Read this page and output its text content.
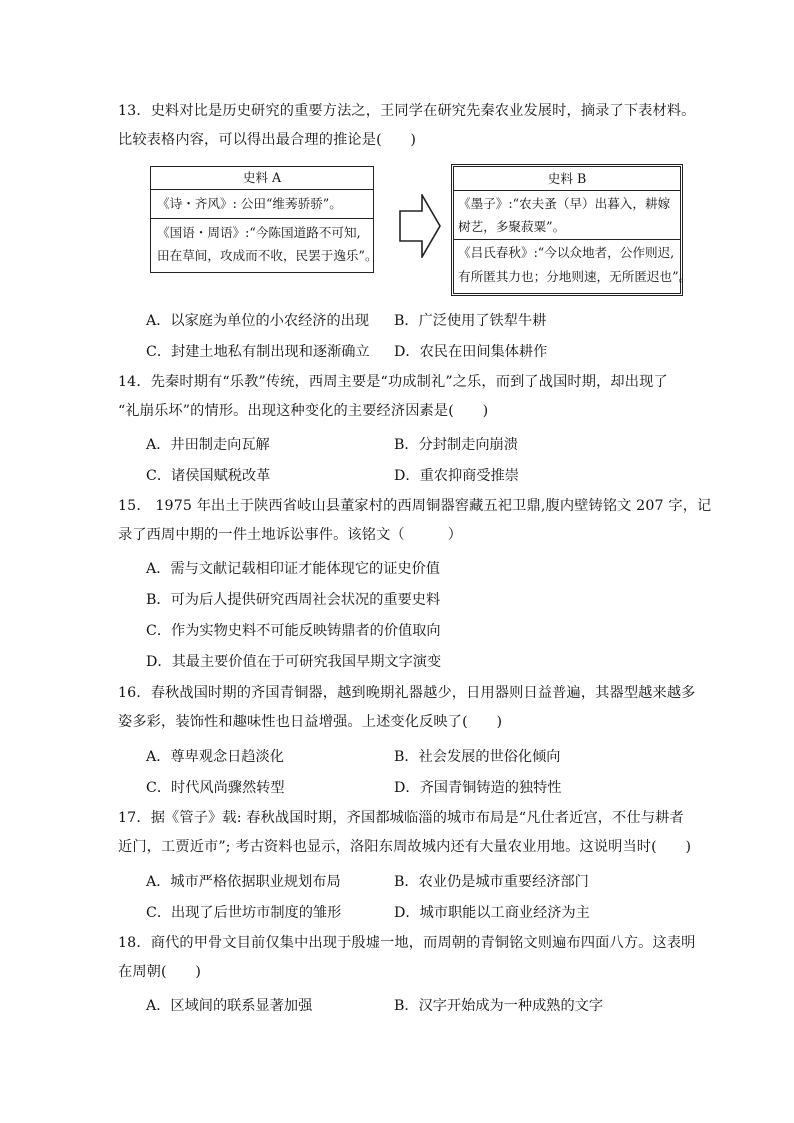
13．史料对比是历史研究的重要方法之，王同学在研究先秦农业发展时，摘录了下表材料。
比较表格内容，可以得出最合理的推论是(　　)
史料 A
《诗・齐风》: 公田“维莠骄骄”。
《国语・周语》:“今陈国道路不可知,
田在草间，攻成而不收，民罢于逸乐”。
史料 B
《墨子》:“农夫蚤（早）出暮入，耕嫁
树艺，多聚菽粟”。
《吕氏春秋》:“今以众地者，公作则迟,
有所匿其力也；分地则速，无所匿迟也”。
A．以家庭为单位的小农经济的出现 B．广泛使用了铁犁牛耕
C．封建土地私有制出现和逐渐确立 D．农民在田间集体耕作
14．先秦时期有“乐教”传统，西周主要是“功成制礼”之乐，而到了战国时期，却出现了
“礼崩乐坏”的情形。出现这种变化的主要经济因素是(　　)
A．井田制走向瓦解	B．分封制走向崩溃
C．诸侯国赋税改革	D．重农抑商受推崇
15． 1975 年出土于陕西省岐山县董家村的西周铜器窖藏五祀卫鼎,腹内壁铸铭文 207 字，记
录了西周中期的一件土地诉讼事件。该铭文（　　　）
A．需与文献记载相印证才能体现它的证史价值
B．可为后人提供研究西周社会状况的重要史料
C．作为实物史料不可能反映铸鼎者的价值取向
D．其最主要价值在于可研究我国早期文字演变
16．春秋战国时期的齐国青铜器，越到晚期礼器越少，日用器则日益普遍，其器型越来越多
姿多彩，装饰性和趣味性也日益增强。上述变化反映了(　　)
A．尊卑观念日趋淡化	B．社会发展的世俗化倾向
C．时代风尚骤然转型	D．齐国青铜铸造的独特性
17．据《管子》载: 春秋战国时期，齐国都城临淄的城市布局是“凡仕者近宫，不仕与耕者
近门，工贾近市”; 考古资料也显示，洛阳东周故城内还有大量农业用地。这说明当时(　　)
A．城市严格依据职业规划布局	B．农业仍是城市重要经济部门
C．出现了后世坊市制度的雏形	D．城市职能以工商业经济为主
18．商代的甲骨文目前仅集中出现于殷墟一地，而周朝的青铜铭文则遍布四面八方。这表明
在周朝(　　)
A．区域间的联系显著加强	B．汉字开始成为一种成熟的文字
